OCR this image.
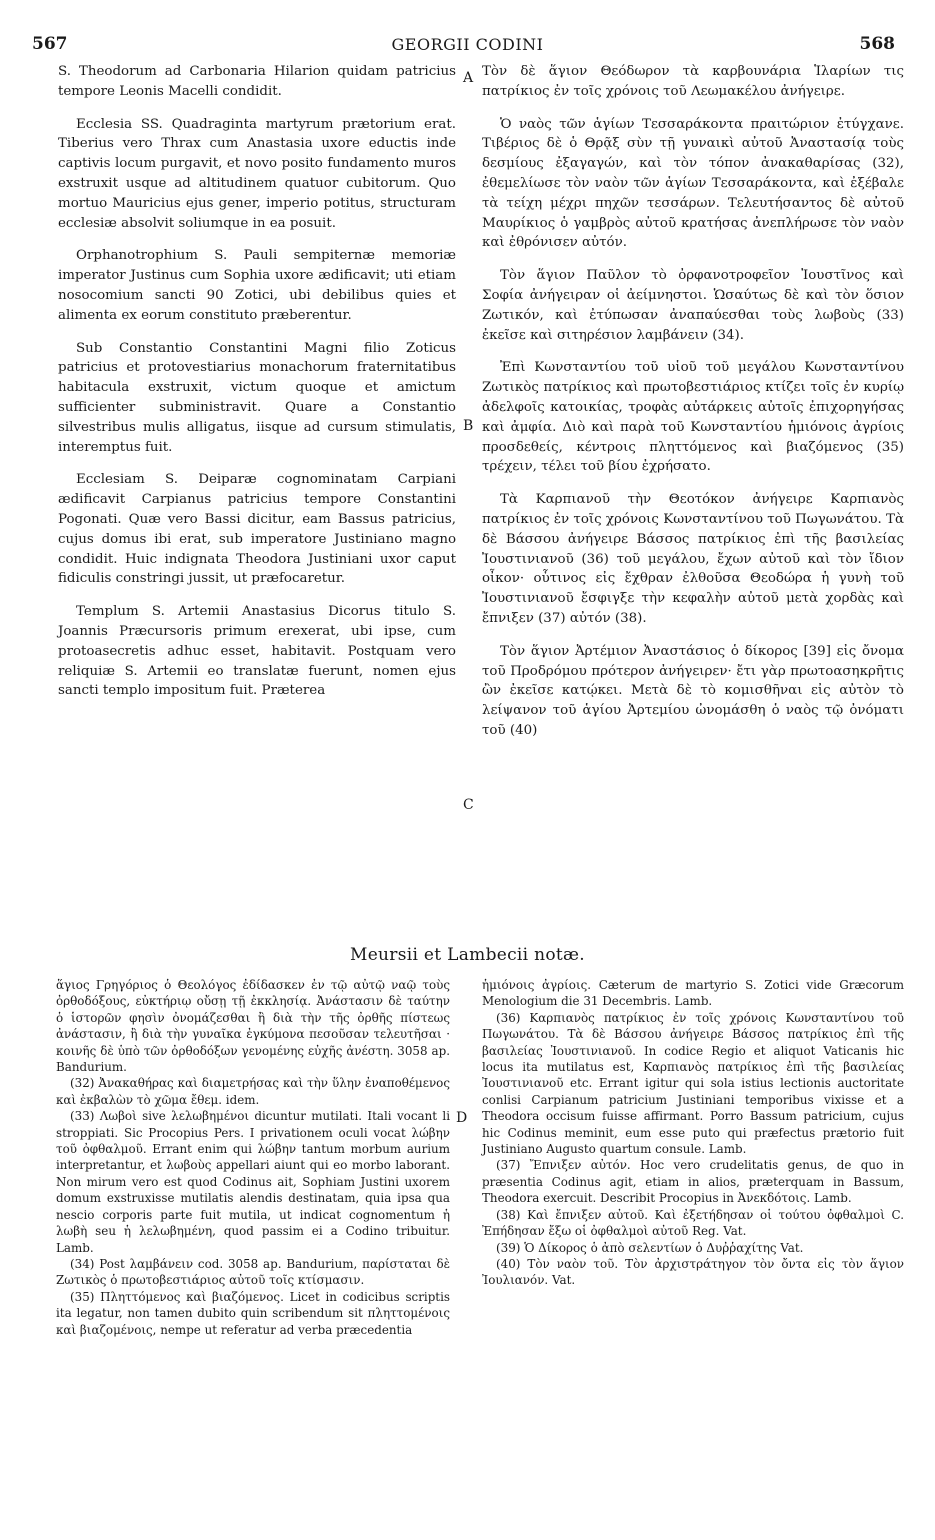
567	GEORGII CODINI	568

S. Theodorum ad Carbonaria Hilarion quidam patricius tempore Leonis Macelli condidit.

Ecclesia SS. Quadraginta martyrum prætorium erat. Tiberius vero Thrax cum Anastasia uxore eductis inde captivis locum purgavit, et novo posito fundamento muros exstruxit usque ad altitudinem quatuor cubitorum. Quo mortuo Mauricius ejus gener, imperio potitus, structuram ecclesiæ absolvit soliumque in ea posuit.

Orphanotrophium S. Pauli sempiternæ memoriæ imperator Justinus cum Sophia uxore ædificavit; uti etiam nosocomium sancti 90 Zotici, ubi debilibus quies et alimenta ex eorum constituto præberentur.

Sub Constantio Constantini Magni filio Zoticus patricius et protovestiarius monachorum fraternitatibus habitacula exstruxit, victum quoque et amictum sufficienter subministravit. Quare a Constantio silvestribus mulis alligatus, iisque ad cursum stimulatis, interemptus fuit.

Ecclesiam S. Deiparæ cognominatam Carpiani ædificavit Carpianus patricius tempore Constantini Pogonati. Quæ vero Bassi dicitur, eam Bassus patricius, cujus domus ibi erat, sub imperatore Justiniano magno condidit. Huic indignata Theodora Justiniani uxor caput fidiculis constringi jussit, ut præfocaretur.

Templum S. Artemii Anastasius Dicorus titulo S. Joannis Præcursoris primum erexerat, ubi ipse, cum protoasecretis adhuc esset, habitavit. Postquam vero reliquiæ S. Artemii eo translatæ fuerunt, nomen ejus sancti templo impositum fuit. Præterea

A
B
C
D

Τὸν δὲ ἅγιον Θεόδωρον τὰ καρβουνάρια Ἱλαρίων τις πατρίκιος ἐν τοῖς χρόνοις τοῦ Λεωμακέλου ἀνήγειρε.

Ὁ ναὸς τῶν ἁγίων Τεσσαράκοντα πραιτώριον ἐτύγχανε. Τιβέριος δὲ ὁ Θρᾷξ σὺν τῇ γυναικὶ αὐτοῦ Ἀναστασίᾳ τοὺς δεσμίους ἐξαγαγών, καὶ τὸν τόπον ἀνακαθαρίσας (32), ἐθεμελίωσε τὸν ναὸν τῶν ἁγίων Τεσσαράκοντα, καὶ ἐξέβαλε τὰ τείχη μέχρι πηχῶν τεσσάρων. Τελευτήσαντος δὲ αὐτοῦ Μαυρίκιος ὁ γαμβρὸς αὐτοῦ κρατήσας ἀνεπλήρωσε τὸν ναὸν καὶ ἐθρόνισεν αὐτόν.

Τὸν ἅγιον Παῦλον τὸ ὀρφανοτροφεῖον Ἰουστῖνος καὶ Σοφία ἀνήγειραν οἱ ἀείμνηστοι. Ὡσαύτως δὲ καὶ τὸν ὅσιον Ζωτικόν, καὶ ἐτύπωσαν ἀναπαύεσθαι τοὺς λωβοὺς (33) ἐκεῖσε καὶ σιτηρέσιον λαμβάνειν (34).

Ἐπὶ Κωνσταντίου τοῦ υἱοῦ τοῦ μεγάλου Κωνσταντίνου Ζωτικὸς πατρίκιος καὶ πρωτοβεστιάριος κτίζει τοῖς ἐν κυρίῳ ἀδελφοῖς κατοικίας, τροφὰς αὐτάρκεις αὐτοῖς ἐπιχορηγήσας καὶ ἀμφία. Διὸ καὶ παρὰ τοῦ Κωνσταντίου ἡμιόνοις ἀγρίοις προσδεθείς, κέντροις πληττόμενος καὶ βιαζόμενος (35) τρέχειν, τέλει τοῦ βίου ἐχρήσατο.

Τὰ Καρπιανοῦ τὴν Θεοτόκον ἀνήγειρε Καρπιανὸς πατρίκιος ἐν τοῖς χρόνοις Κωνσταντίνου τοῦ Πωγωνάτου. Τὰ δὲ Βάσσου ἀνήγειρε Βάσσος πατρίκιος ἐπὶ τῆς βασιλείας Ἰουστινιανοῦ (36) τοῦ μεγάλου, ἔχων αὐτοῦ καὶ τὸν ἴδιον οἶκον· οὗτινος εἰς ἔχθραν ἐλθοῦσα Θεοδώρα ἡ γυνὴ τοῦ Ἰουστινιανοῦ ἔσφιγξε τὴν κεφαλὴν αὐτοῦ μετὰ χορδὰς καὶ ἔπνιξεν (37) αὐτόν (38).

Τὸν ἅγιον Ἀρτέμιον Ἀναστάσιος ὁ δίκορος [39] εἰς ὄνομα τοῦ Προδρόμου πρότερον ἀνήγειρεν· ἔτι γὰρ πρωτοασηκρῆτις ὢν ἐκεῖσε κατῴκει. Μετὰ δὲ τὸ κομισθῆναι εἰς αὐτὸν τὸ λείψανον τοῦ ἁγίου Ἀρτεμίου ὠνομάσθη ὁ ναὸς τῷ ὀνόματι τοῦ (40)

Meursii et Lambecii notæ.

ἅγιος Γρηγόριος ὁ Θεολόγος ἐδίδασκεν ἐν τῷ αὐτῷ ναῷ τοὺς ὀρθοδόξους, εὐκτήριῳ οὔσῃ τῇ ἐκκλησίᾳ. Ἀνάστασιν δὲ ταύτην ὁ ἱστορῶν φησὶν ὀνομάζεσθαι ἢ διὰ τὴν τῆς ὀρθῆς πίστεως ἀνάστασιν, ἢ διὰ τὴν γυναῖκα ἐγκύμονα πεσοῦσαν τελευτῆσαι · κοινῆς δὲ ὑπὸ τῶν ὀρθοδόξων γενομένης εὐχῆς ἀνέστη. 3058 ap. Bandurium.

(32) Ἀνακαθήρας καὶ διαμετρήσας καὶ τὴν ὕλην ἐναποθέμενος καὶ ἐκβαλὼν τὸ χῶμα ἔθεμ. idem.

(33) Λωβοὶ sive λελωβημένοι dicuntur mutilati. Itali vocant li stroppiati. Sic Procopius Pers. I privationem oculi vocat λώβην τοῦ ὀφθαλμοῦ. Errant enim qui λώβην tantum morbum aurium interpretantur, et λωβοὺς appellari aiunt qui eo morbo laborant. Non mirum vero est quod Codinus ait, Sophiam Justini uxorem domum exstruxisse mutilatis alendis destinatam, quia ipsa qua nescio corporis parte fuit mutila, ut indicat cognomentum ἡ λωβὴ seu ἡ λελωβημένη, quod passim ei a Codino tribuitur. Lamb.

(34) Post λαμβάνειν cod. 3058 ap. Bandurium, παρίσταται δὲ Ζωτικὸς ὁ πρωτοβεστιάριος αὐτοῦ τοῖς κτίσμασιν.

(35) Πληττόμενος καὶ βιαζόμενος. Licet in codicibus scriptis ita legatur, non tamen dubito quin scribendum sit πληττομένοις καὶ βιαζομένοις, nempe ut referatur ad verba præcedentia

ἡμιόνοις ἀγρίοις. Cæterum de martyrio S. Zotici vide Græcorum Menologium die 31 Decembris. Lamb.

(36) Καρπιανὸς πατρίκιος ἐν τοῖς χρόνοις Κωνσταντίνου τοῦ Πωγωνάτου. Τὰ δὲ Βάσσου ἀνήγειρε Βάσσος πατρίκιος ἐπὶ τῆς βασιλείας Ἰουστινιανοῦ. In codice Regio et aliquot Vaticanis hic locus ita mutilatus est, Καρπιανὸς πατρίκιος ἐπὶ τῆς βασιλείας Ἰουστινιανοῦ etc. Errant igitur qui sola istius lectionis auctoritate conlisi Carpianum patricium Justiniani temporibus vixisse et a Theodora occisum fuisse affirmant. Porro Bassum patricium, cujus hic Codinus meminit, eum esse puto qui præfectus prætorio fuit Justiniano Augusto quartum consule. Lamb.

(37) Ἔπνιξεν αὐτόν. Hoc vero crudelitatis genus, de quo in præsentia Codinus agit, etiam in alios, præterquam in Bassum, Theodora exercuit. Describit Procopius in Ἀνεκδότοις. Lamb.

(38) Καὶ ἔπνιξεν αὐτοῦ. Καὶ ἐξετήδησαν οἱ τούτου ὀφθαλμοὶ C. Ἐπήδησαν ἔξω οἱ ὀφθαλμοὶ αὐτοῦ Reg. Vat.

(39) Ὁ Δίκορος ὁ ἀπὸ σελεντίων ὁ Δυῤῥαχίτης Vat.

(40) Τὸν ναὸν τοῦ. Τὸν ἀρχιστράτηγον τὸν ὄντα εἰς τὸν ἅγιον Ἰουλιανόν. Vat.
